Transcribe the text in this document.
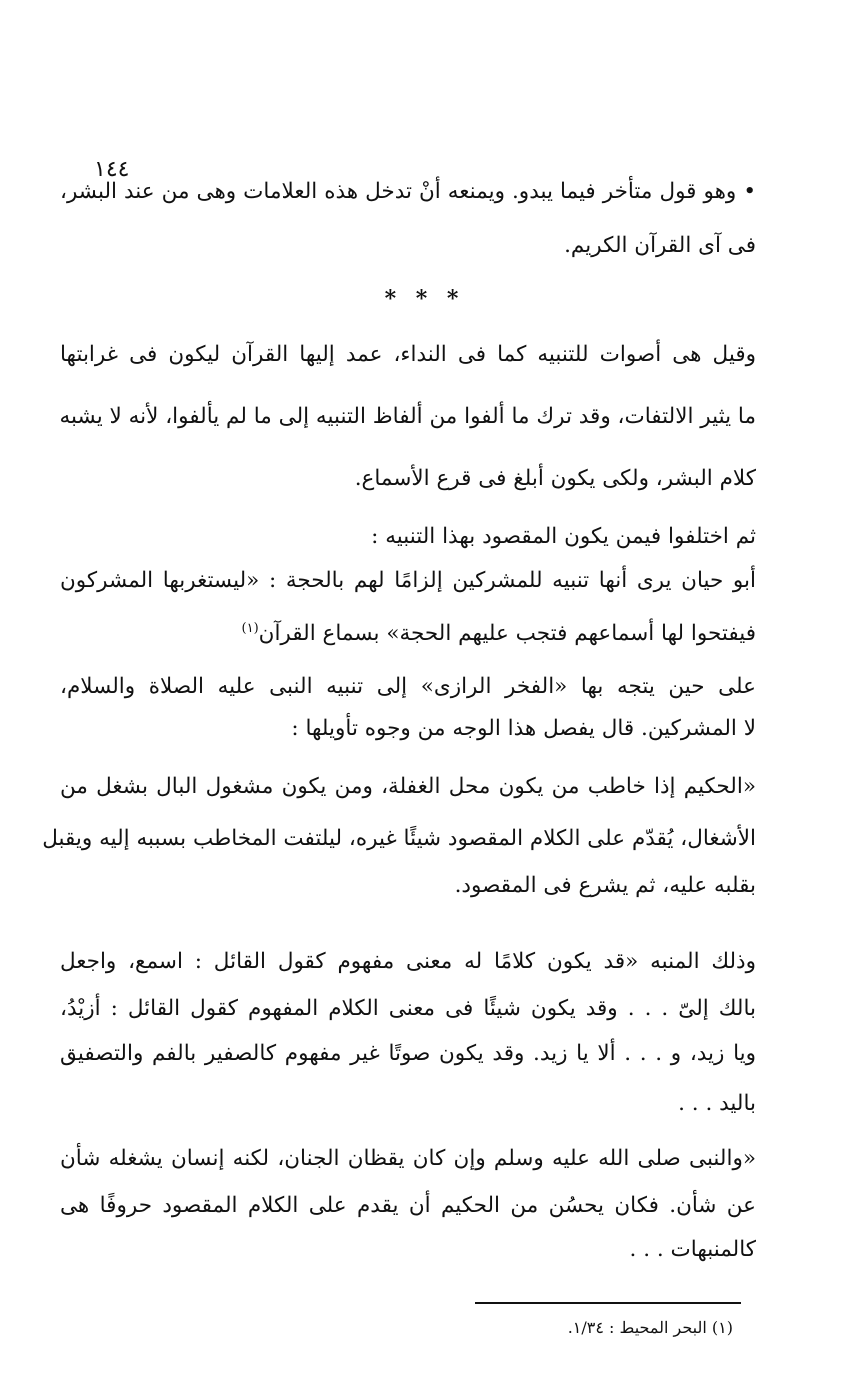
١٤٤
• وهو قول متأخر فيما يبدو. ويمنعه أنْ تدخل هذه العلامات وهى من عند البشر،
فى آى القرآن الكريم.
* * *
وقيل هى أصوات للتنبيه كما فى النداء، عمد إليها القرآن ليكون فى غرابتها
ما يثير الالتفات، وقد ترك ما ألفوا من ألفاظ التنبيه إلى ما لم يألفوا، لأنه لا يشبه
كلام البشر، ولكى يكون أبلغ فى قرع الأسماع.
ثم اختلفوا فيمن يكون المقصود بهذا التنبيه :
أبو حيان يرى أنها تنبيه للمشركين إلزامًا لهم بالحجة : «ليستغربها المشركون
فيفتحوا لها أسماعهم فتجب عليهم الحجة» بسماع القرآن$^{(١)}$
على حين يتجه بها «الفخر الرازى» إلى تنبيه النبى عليه الصلاة والسلام،
لا المشركين. قال يفصل هذا الوجه من وجوه تأويلها :
«الحكيم إذا خاطب من يكون محل الغفلة، ومن يكون مشغول البال بشغل من
الأشغال، يُقدّم على الكلام المقصود شيئًا غيره، ليلتفت المخاطب بسببه إليه ويقبل
بقلبه عليه، ثم يشرع فى المقصود.
وذلك المنبه «قد يكون كلامًا له معنى مفهوم كقول القائل : اسمع، واجعل
بالك إلىّ . . . وقد يكون شيئًا فى معنى الكلام المفهوم كقول القائل : أزيْدُ،
ويا زيد، و . . . ألا يا زيد. وقد يكون صوتًا غير مفهوم كالصفير بالفم والتصفيق
باليد . . .
«والنبى صلى الله عليه وسلم وإن كان يقظان الجنان، لكنه إنسان يشغله شأن
عن شأن. فكان يحسُن من الحكيم أن يقدم على الكلام المقصود حروفًا هى
كالمنبهات . . .
(١) البحر المحيط : ١/٣٤.
